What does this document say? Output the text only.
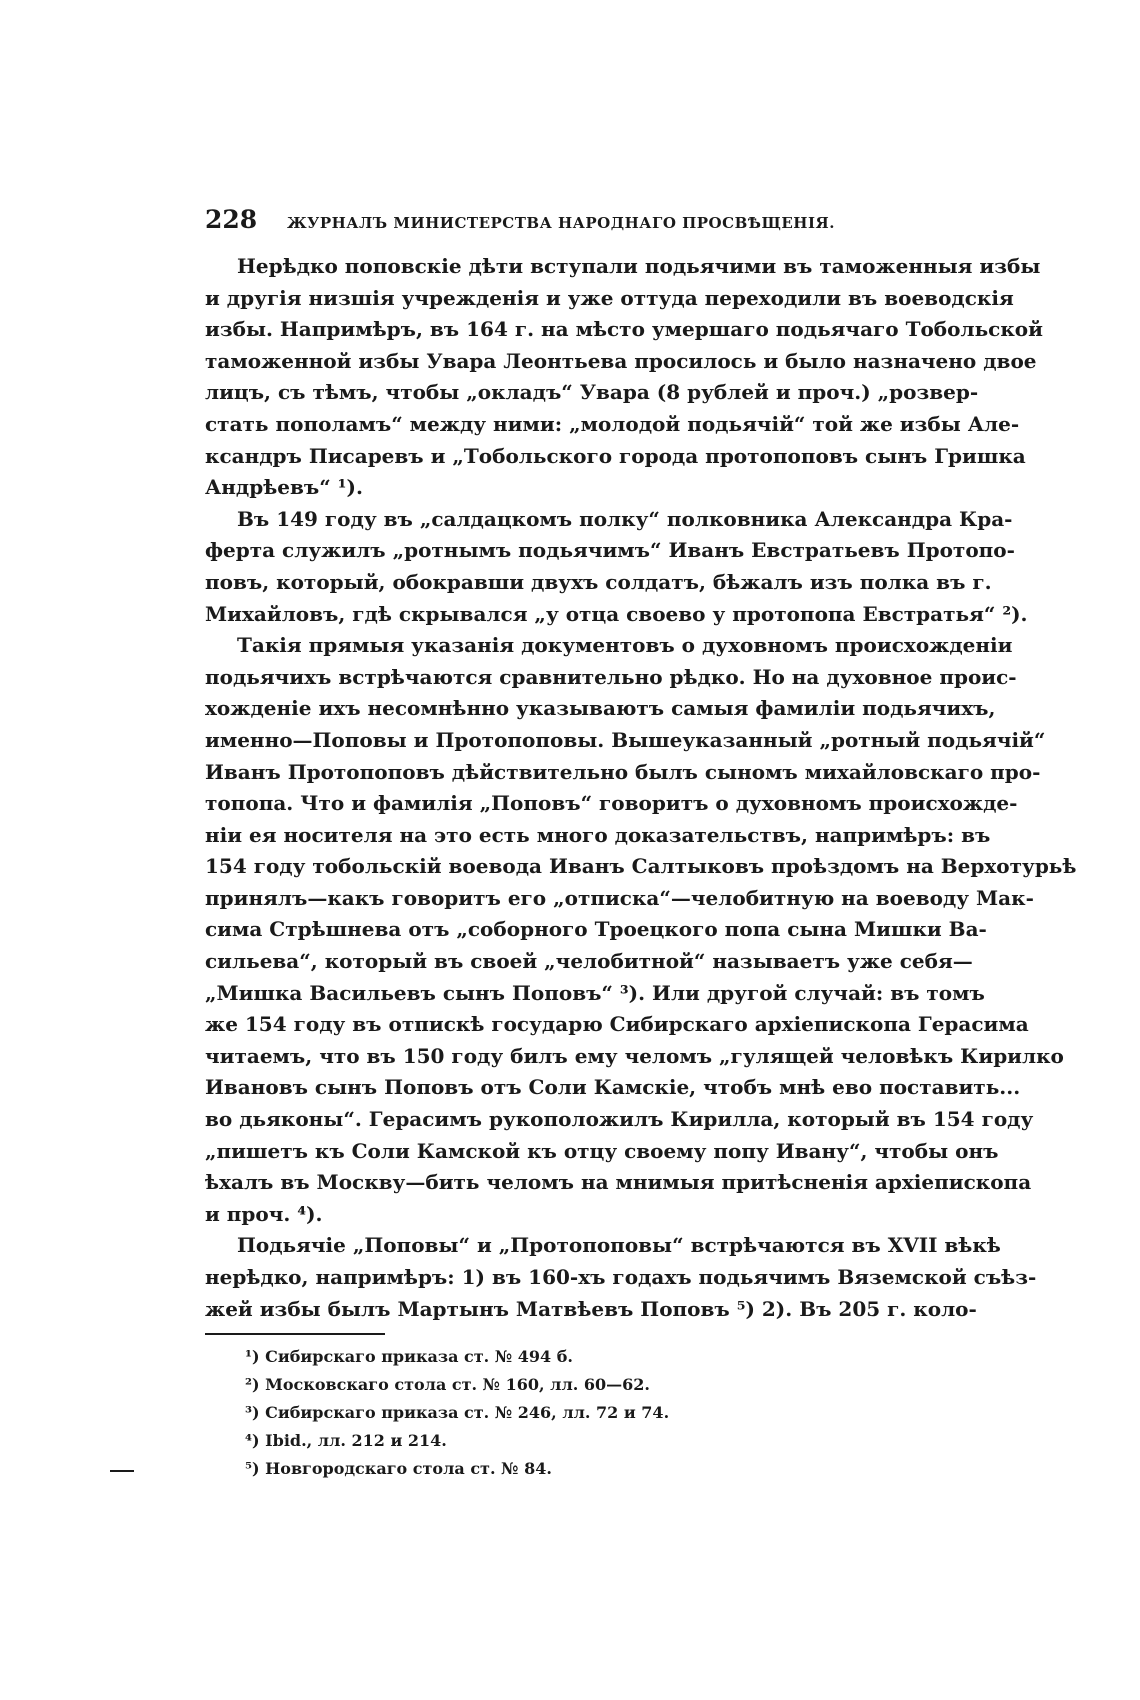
228	ЖУРНАЛЪ МИНИСТЕРСТВА НАРОДНАГО ПРОСВѢЩЕНІЯ.

Нерѣдко поповскіе дѣти вступали подьячими въ таможенныя избы
и другія низшія учрежденія и уже оттуда переходили въ воеводскія
избы. Напримѣръ, въ 164 г. на мѣсто умершаго подьячаго Тобольской
таможенной избы Увара Леонтьева просилось и было назначено двое
лицъ, съ тѣмъ, чтобы „окладъ“ Увара (8 рублей и проч.) „розвер-
стать пополамъ“ между ними: „молодой подьячій“ той же избы Але-
ксандръ Писаревъ и „Тобольского города протопоповъ сынъ Гришка
Андрѣевъ“ ¹).

Въ 149 году въ „салдацкомъ полку“ полковника Александра Кра-
ферта служилъ „ротнымъ подьячимъ“ Иванъ Евстратьевъ Протопо-
повъ, который, обокравши двухъ солдатъ, бѣжалъ изъ полка въ г.
Михайловъ, гдѣ скрывался „у отца своево у протопопа Евстратья“ ²).

Такія прямыя указанія документовъ о духовномъ происхожденіи
подьячихъ встрѣчаются сравнительно рѣдко. Но на духовное проис-
хожденіе ихъ несомнѣнно указываютъ самыя фамиліи подьячихъ,
именно—Поповы и Протопоповы. Вышеуказанный „ротный подьячій“
Иванъ Протопоповъ дѣйствительно былъ сыномъ михайловскаго про-
топопа. Что и фамилія „Поповъ“ говоритъ о духовномъ происхожде-
ніи ея носителя на это есть много доказательствъ, напримѣръ: въ
154 году тобольскій воевода Иванъ Салтыковъ проѣздомъ на Верхотурьѣ
принялъ—какъ говоритъ его „отписка“—челобитную на воеводу Мак-
сима Стрѣшнева отъ „соборного Троецкого попа сына Мишки Ва-
сильева“, который въ своей „челобитной“ называетъ уже себя—
„Мишка Васильевъ сынъ Поповъ“ ³). Или другой случай: въ томъ
же 154 году въ отпискѣ государю Сибирскаго архіепископа Герасима
читаемъ, что въ 150 году билъ ему челомъ „гулящей человѣкъ Кирилко
Ивановъ сынъ Поповъ отъ Соли Камскіе, чтобъ мнѣ ево поставить...
во дьяконы“. Герасимъ рукоположилъ Кирилла, который въ 154 году
„пишетъ къ Соли Камской къ отцу своему попу Ивану“, чтобы онъ
ѣхалъ въ Москву—бить челомъ на мнимыя притѣсненія архіепископа
и проч. ⁴).

Подьячіе „Поповы“ и „Протопоповы“ встрѣчаются въ XVII вѣкѣ
нерѣдко, напримѣръ: 1) въ 160-хъ годахъ подьячимъ Вяземской съѣз-
жей избы былъ Мартынъ Матвѣевъ Поповъ ⁵) 2). Въ 205 г. коло-

¹) Сибирскаго приказа ст. № 494 б.
²) Московскаго стола ст. № 160, лл. 60—62.
³) Сибирскаго приказа ст. № 246, лл. 72 и 74.
⁴) Ibid., лл. 212 и 214.
⁵) Новгородскаго стола ст. № 84.
